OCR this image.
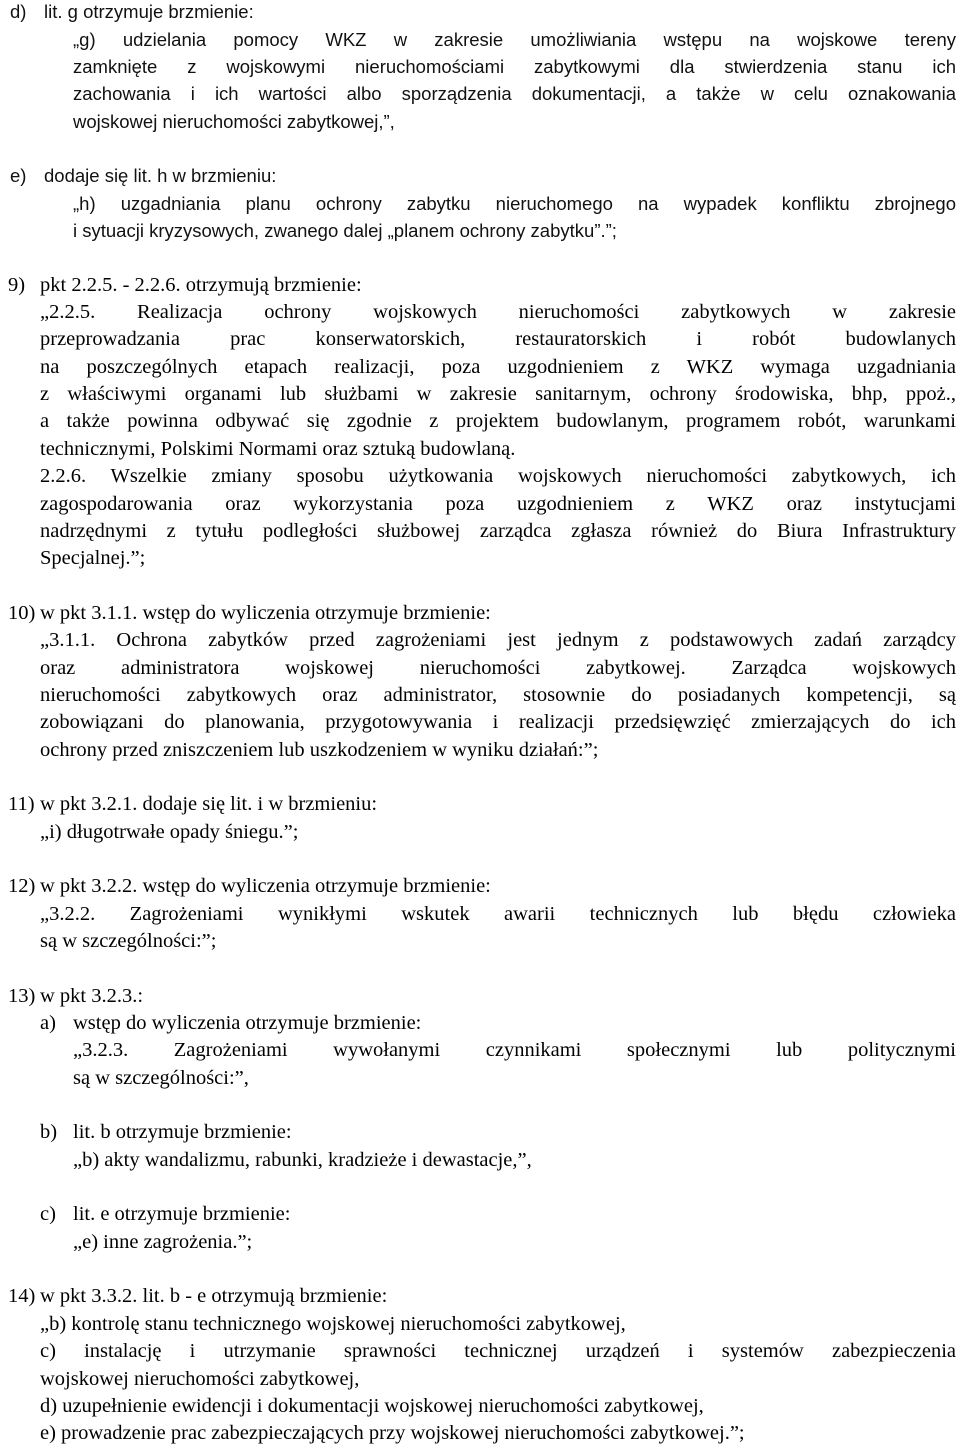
d) lit. g otrzymuje brzmienie:
„g) udzielania pomocy WKZ w zakresie umożliwiania wstępu na wojskowe tereny
zamknięte z wojskowymi nieruchomościami zabytkowymi dla stwierdzenia stanu ich
zachowania i ich wartości albo sporządzenia dokumentacji, a także w celu oznakowania
wojskowej nieruchomości zabytkowej,”,
e) dodaje się lit. h w brzmieniu:
„h) uzgadniania planu ochrony zabytku nieruchomego na wypadek konfliktu zbrojnego
i sytuacji kryzysowych, zwanego dalej „planem ochrony zabytku”.”;
9) pkt 2.2.5. - 2.2.6. otrzymują brzmienie:
„2.2.5. Realizacja ochrony wojskowych nieruchomości zabytkowych w zakresie
przeprowadzania prac konserwatorskich, restauratorskich i robót budowlanych
na poszczególnych etapach realizacji, poza uzgodnieniem z WKZ wymaga uzgadniania
z właściwymi organami lub służbami w zakresie sanitarnym, ochrony środowiska, bhp, ppoż.,
a także powinna odbywać się zgodnie z projektem budowlanym, programem robót, warunkami
technicznymi, Polskimi Normami oraz sztuką budowlaną.
2.2.6. Wszelkie zmiany sposobu użytkowania wojskowych nieruchomości zabytkowych, ich
zagospodarowania oraz wykorzystania poza uzgodnieniem z WKZ oraz instytucjami
nadrzędnymi z tytułu podległości służbowej zarządca zgłasza również do Biura Infrastruktury
Specjalnej.”;
10) w pkt 3.1.1. wstęp do wyliczenia otrzymuje brzmienie:
„3.1.1. Ochrona zabytków przed zagrożeniami jest jednym z podstawowych zadań zarządcy
oraz administratora wojskowej nieruchomości zabytkowej. Zarządca wojskowych
nieruchomości zabytkowych oraz administrator, stosownie do posiadanych kompetencji, są
zobowiązani do planowania, przygotowywania i realizacji przedsięwzięć zmierzających do ich
ochrony przed zniszczeniem lub uszkodzeniem w wyniku działań:”;
11) w pkt 3.2.1. dodaje się lit. i w brzmieniu:
„i) długotrwałe opady śniegu.”;
12) w pkt 3.2.2. wstęp do wyliczenia otrzymuje brzmienie:
„3.2.2. Zagrożeniami wynikłymi wskutek awarii technicznych lub błędu człowieka
są w szczególności:”;
13) w pkt 3.2.3.:
a) wstęp do wyliczenia otrzymuje brzmienie:
„3.2.3. Zagrożeniami wywołanymi czynnikami społecznymi lub politycznymi
są w szczególności:”,
b) lit. b otrzymuje brzmienie:
„b) akty wandalizmu, rabunki, kradzieże i dewastacje,”,
c) lit. e otrzymuje brzmienie:
„e) inne zagrożenia.”;
14) w pkt 3.3.2. lit. b - e otrzymują brzmienie:
„b) kontrolę stanu technicznego wojskowej nieruchomości zabytkowej,
c) instalację i utrzymanie sprawności technicznej urządzeń i systemów zabezpieczenia
wojskowej nieruchomości zabytkowej,
d) uzupełnienie ewidencji i dokumentacji wojskowej nieruchomości zabytkowej,
e) prowadzenie prac zabezpieczających przy wojskowej nieruchomości zabytkowej.”;
